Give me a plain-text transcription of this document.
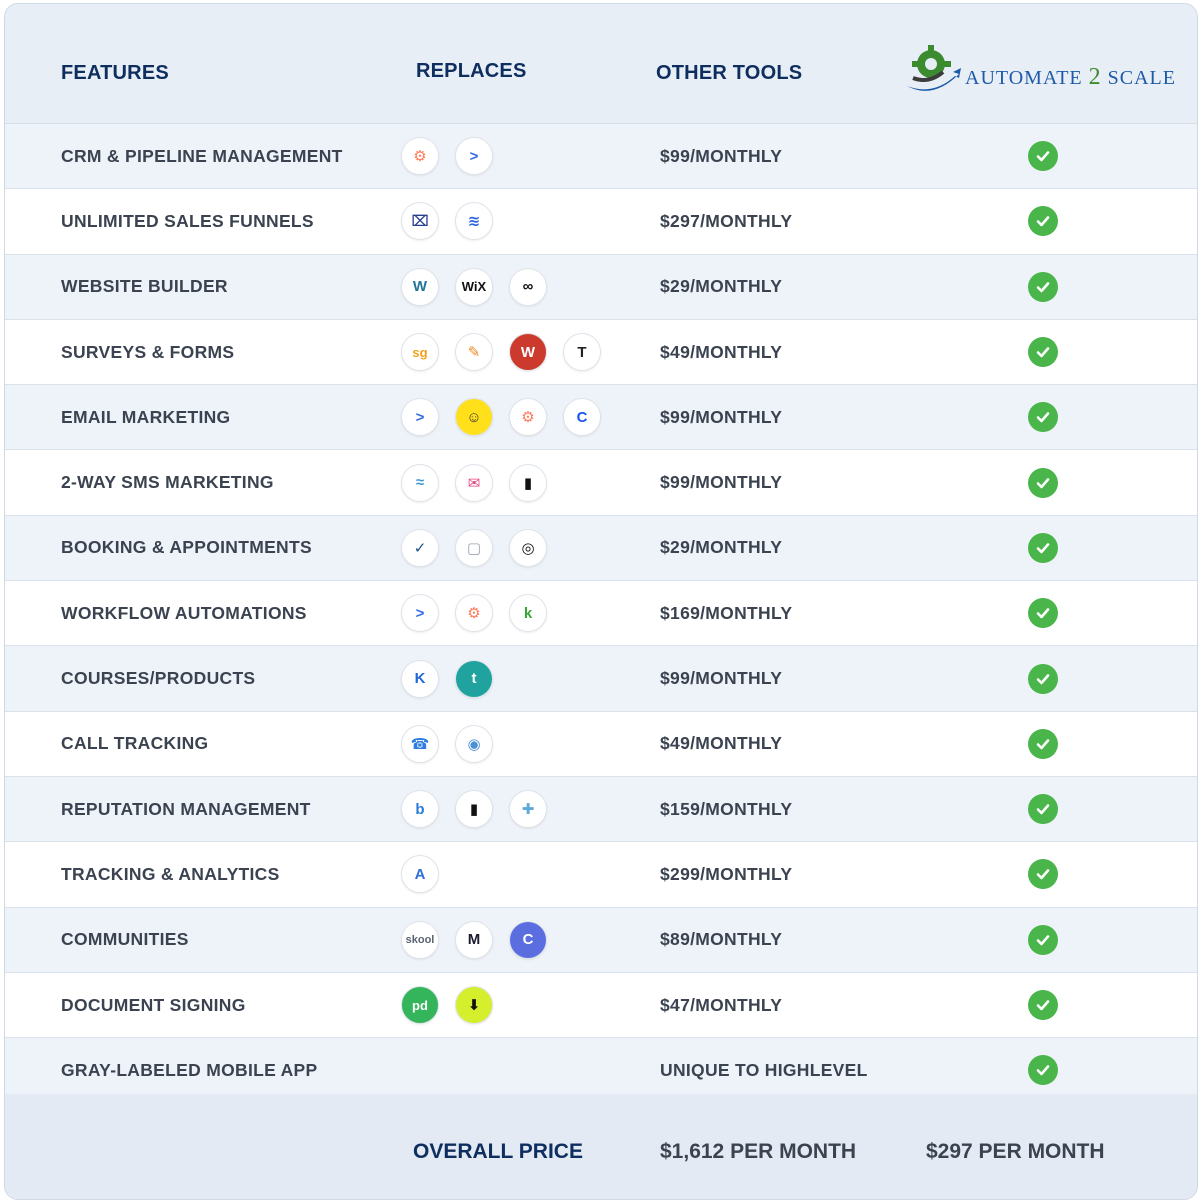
FEATURES	REPLACES	OTHER TOOLS	AUTOMATE 2 SCALE
CRM & PIPELINE MANAGEMENT	⚙	>	$99/MONTHLY
UNLIMITED SALES FUNNELS	⌧	≋	$297/MONTHLY
WEBSITE BUILDER	W	WiX	∞	$29/MONTHLY
SURVEYS & FORMS	sg	✎	W	T	$49/MONTHLY
EMAIL MARKETING	>	☺	⚙	C	$99/MONTHLY
2-WAY SMS MARKETING	≈	✉	▮	$99/MONTHLY
BOOKING & APPOINTMENTS	✓	▢	◎	$29/MONTHLY
WORKFLOW AUTOMATIONS	>	⚙	k	$169/MONTHLY
COURSES/PRODUCTS	K	t	$99/MONTHLY
CALL TRACKING	☎	◉	$49/MONTHLY
REPUTATION MANAGEMENT	b	▮	✚	$159/MONTHLY
TRACKING & ANALYTICS	A	$299/MONTHLY
COMMUNITIES	skool	M	C	$89/MONTHLY
DOCUMENT SIGNING	pd	⬇	$47/MONTHLY
GRAY-LABELED MOBILE APP	UNIQUE TO HIGHLEVEL
OVERALL PRICE	$1,612 PER MONTH	$297 PER MONTH
